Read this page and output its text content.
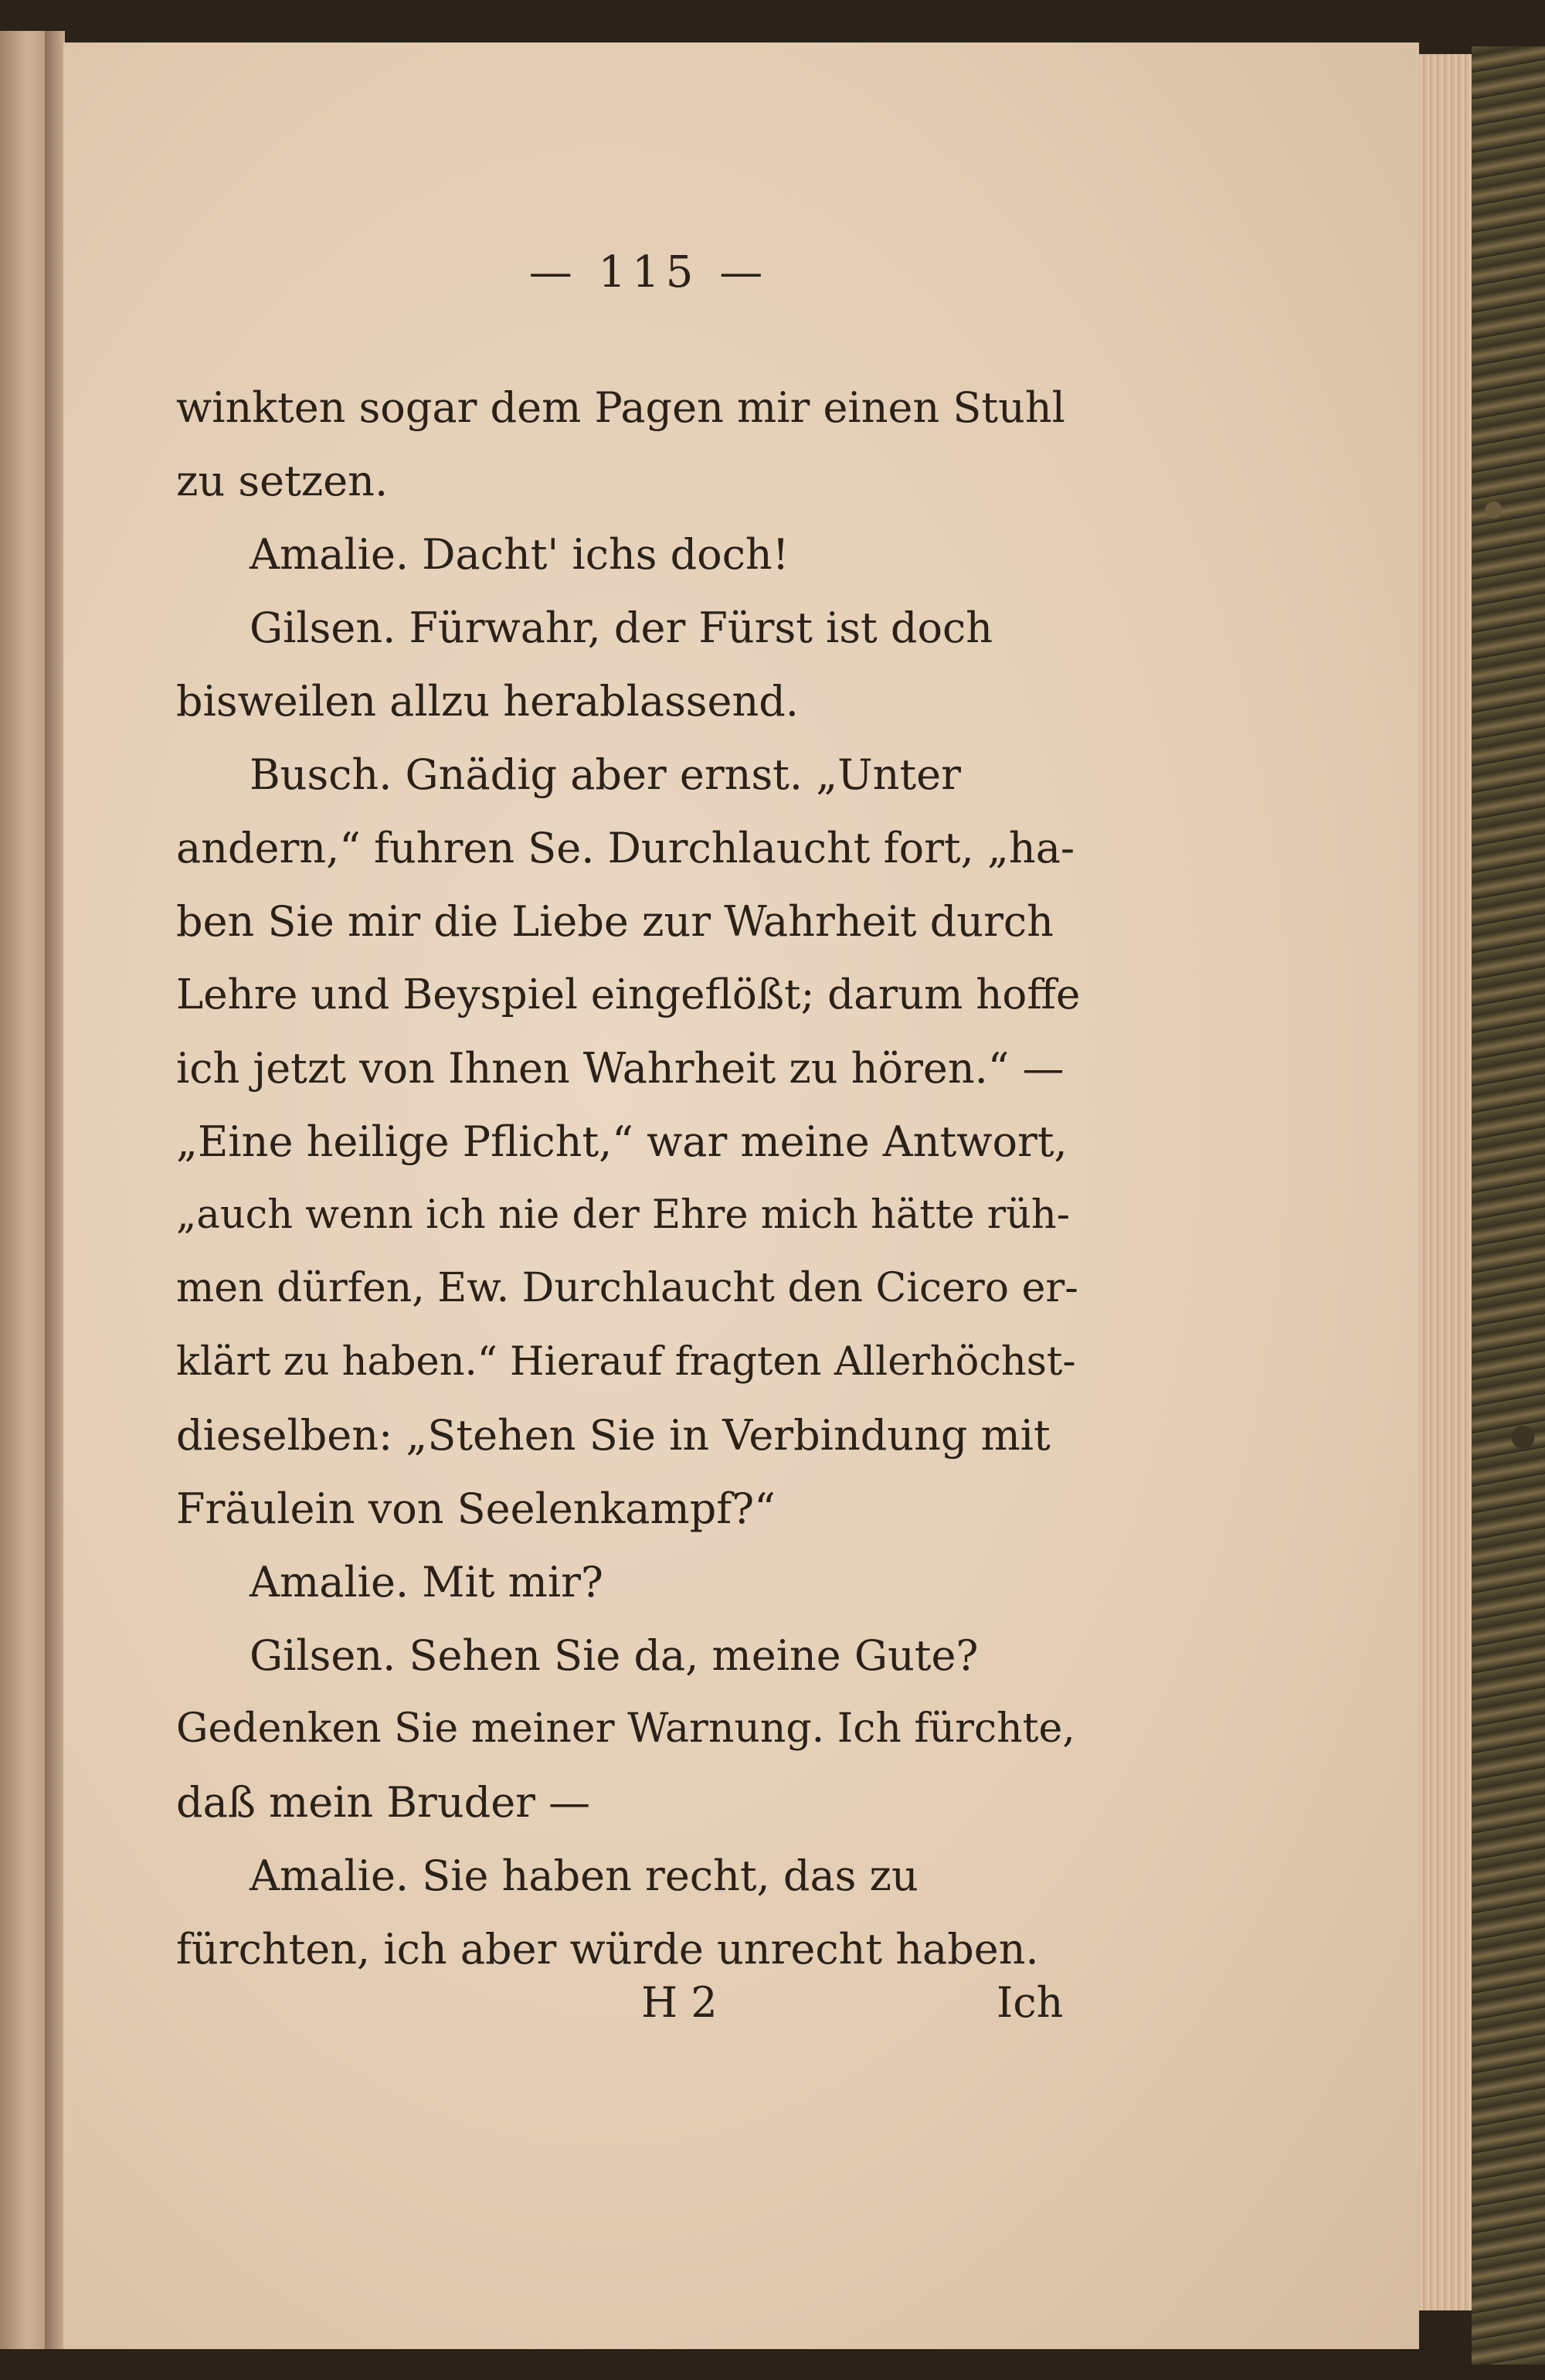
— 115 —
winkten sogar dem Pagen mir einen Stuhl
zu setzen.
Amalie. Dacht' ichs doch!
Gilsen. Fürwahr, der Fürst ist doch
bisweilen allzu herablassend.
Busch. Gnädig aber ernst. „Unter
andern,“ fuhren Se. Durchlaucht fort, „ha-
ben Sie mir die Liebe zur Wahrheit durch
Lehre und Beyspiel eingeflößt; darum hoffe
ich jetzt von Ihnen Wahrheit zu hören.“ —
„Eine heilige Pflicht,“ war meine Antwort,
„auch wenn ich nie der Ehre mich hätte rüh-
men dürfen, Ew. Durchlaucht den Cicero er-
klärt zu haben.“ Hierauf fragten Allerhöchst-
dieselben: „Stehen Sie in Verbindung mit
Fräulein von Seelenkampf?“
Amalie. Mit mir?
Gilsen. Sehen Sie da, meine Gute?
Gedenken Sie meiner Warnung. Ich fürchte,
daß mein Bruder —
Amalie. Sie haben recht, das zu
fürchten, ich aber würde unrecht haben.
H 2	Ich
